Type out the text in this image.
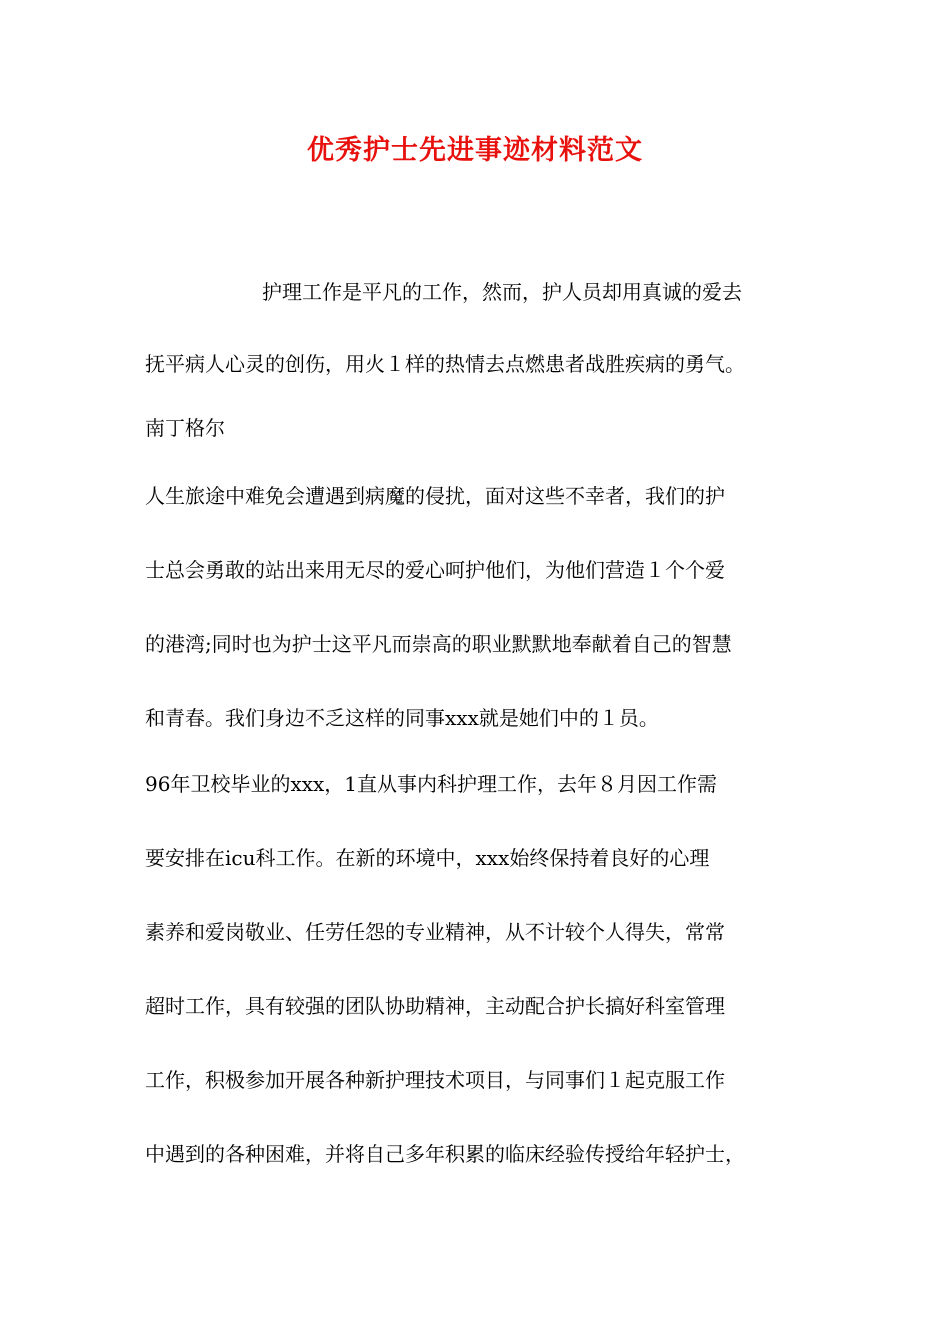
优秀护士先进事迹材料范文
护理工作是平凡的工作，然而，护人员却用真诚的爱去
抚平病人心灵的创伤，用火１样的热情去点燃患者战胜疾病的勇气。
南丁格尔
人生旅途中难免会遭遇到病魔的侵扰，面对这些不幸者，我们的护
士总会勇敢的站出来用无尽的爱心呵护他们，为他们营造１个个爱
的港湾;同时也为护士这平凡而崇高的职业默默地奉献着自己的智慧
和青春。我们身边不乏这样的同事xxx就是她们中的１员。
96年卫校毕业的xxx，1直从事内科护理工作，去年８月因工作需
要安排在icu科工作。在新的环境中，xxx始终保持着良好的心理
素养和爱岗敬业、任劳任怨的专业精神，从不计较个人得失，常常
超时工作，具有较强的团队协助精神，主动配合护长搞好科室管理
工作，积极参加开展各种新护理技术项目，与同事们１起克服工作
中遇到的各种困难，并将自己多年积累的临床经验传授给年轻护士，
